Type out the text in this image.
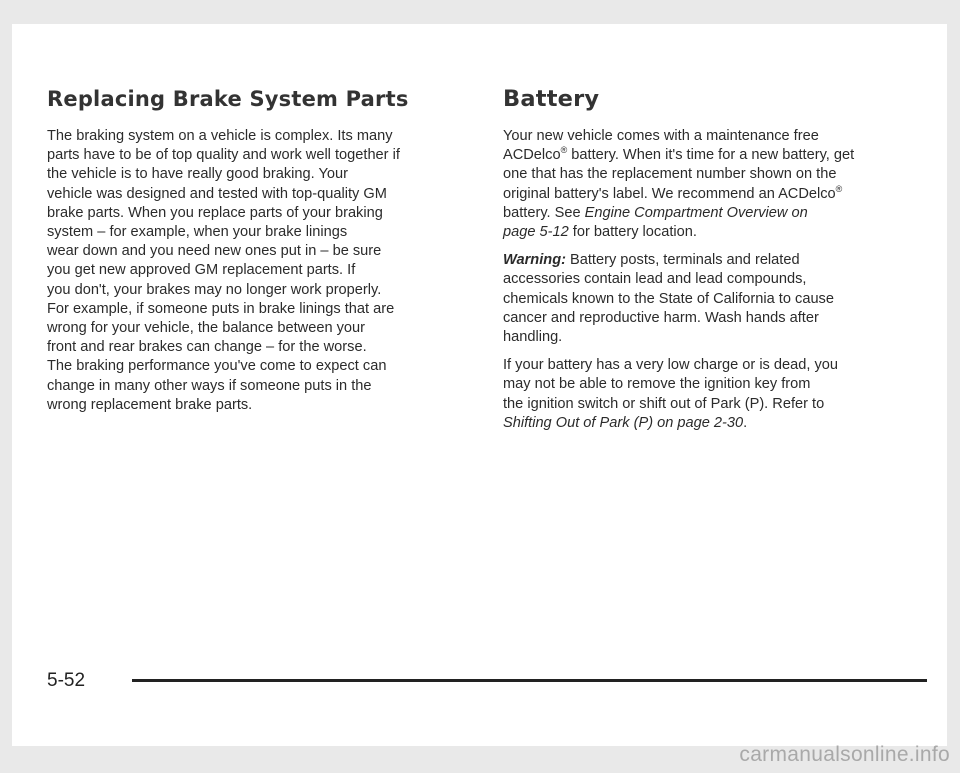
Replacing Brake System Parts

The braking system on a vehicle is complex. Its many
parts have to be of top quality and work well together if
the vehicle is to have really good braking. Your
vehicle was designed and tested with top-quality GM
brake parts. When you replace parts of your braking
system – for example, when your brake linings
wear down and you need new ones put in – be sure
you get new approved GM replacement parts. If
you don't, your brakes may no longer work properly.
For example, if someone puts in brake linings that are
wrong for your vehicle, the balance between your
front and rear brakes can change – for the worse.
The braking performance you've come to expect can
change in many other ways if someone puts in the
wrong replacement brake parts.

Battery

Your new vehicle comes with a maintenance free
ACDelco® battery. When it's time for a new battery, get
one that has the replacement number shown on the
original battery's label. We recommend an ACDelco®
battery. See Engine Compartment Overview on
page 5-12 for battery location.

Warning: Battery posts, terminals and related
accessories contain lead and lead compounds,
chemicals known to the State of California to cause
cancer and reproductive harm. Wash hands after
handling.

If your battery has a very low charge or is dead, you
may not be able to remove the ignition key from
the ignition switch or shift out of Park (P). Refer to
Shifting Out of Park (P) on page 2-30.

5-52
carmanualsonline.info
